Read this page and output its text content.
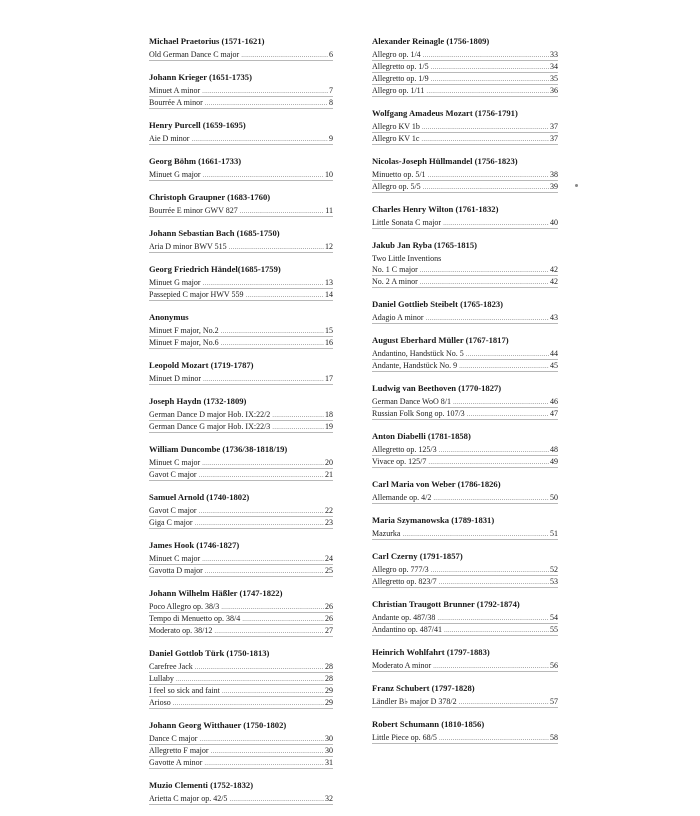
Michael Praetorius (1571-1621)
Old German Dance C major .....	6
Johann Krieger (1651-1735)
Minuet A minor .....	7
Bourrée A minor .....	8
Henry Purcell (1659-1695)
Aie D minor .....	9
Georg Böhm (1661-1733)
Minuet G major .....	10
Christoph Graupner (1683-1760)
Bourrée E minor GWV 827 .....	11
Johann Sebastian Bach (1685-1750)
Aria D minor BWV 515 .....	12
Georg Friedrich Händel(1685-1759)
Minuet G major .....	13
Passepied C major HWV 559 .....	14
Anonymus
Minuet F major, No.2 .....	15
Minuet F major, No.6 .....	16
Leopold Mozart (1719-1787)
Minuet D minor .....	17
Joseph Haydn (1732-1809)
German Dance D major Hob. IX:22/2 .....	18
German Dance G major Hob. IX:22/3 .....	19
William Duncombe (1736/38-1818/19)
Minuet C major .....	20
Gavot C major .....	21
Samuel Arnold (1740-1802)
Gavot C major .....	22
Giga C major .....	23
James Hook (1746-1827)
Minuet C major .....	24
Gavotta D major .....	25
Johann Wilhelm Häßler (1747-1822)
Poco Allegro op. 38/3 .....	26
Tempo di Menuetto op. 38/4 .....	26
Moderato op. 38/12 .....	27
Daniel Gottlob Türk (1750-1813)
Carefree Jack .....	28
Lullaby .....	28
I feel so sick and faint .....	29
Arioso .....	29
Johann Georg Witthauer (1750-1802)
Dance C major .....	30
Allegretto F major .....	30
Gavotte A minor .....	31
Muzio Clementi (1752-1832)
Arietta C major op. 42/5 .....	32
Alexander Reinagle (1756-1809)
Allegro op. 1/4 .....	33
Allegretto op. 1/5 .....	34
Allegretto op. 1/9 .....	35
Allegro op. 1/11 .....	36
Wolfgang Amadeus Mozart (1756-1791)
Allegro KV 1b .....	37
Allegro KV 1c .....	37
Nicolas-Joseph Hüllmandel (1756-1823)
Minuetto op. 5/1 .....	38
Allegro op. 5/5 .....	39
Charles Henry Wilton (1761-1832)
Little Sonata C major .....	40
Jakub Jan Ryba (1765-1815)
Two Little Inventions
No. 1 C major .....	42
No. 2 A minor .....	42
Daniel Gottlieb Steibelt (1765-1823)
Adagio A minor .....	43
August Eberhard Müller (1767-1817)
Andantino, Handstück No. 5 .....	44
Andante, Handstück No. 9 .....	45
Ludwig van Beethoven (1770-1827)
German Dance WoO 8/1 .....	46
Russian Folk Song op. 107/3 .....	47
Anton Diabelli (1781-1858)
Allegretto op. 125/3 .....	48
Vivace op. 125/7 .....	49
Carl Maria von Weber (1786-1826)
Allemande op. 4/2 .....	50
Maria Szymanowska (1789-1831)
Mazurka .....	51
Carl Czerny (1791-1857)
Allegro op. 777/3 .....	52
Allegretto op. 823/7 .....	53
Christian Traugott Brunner (1792-1874)
Andante op. 487/38 .....	54
Andantino op. 487/41 .....	55
Heinrich Wohlfahrt (1797-1883)
Moderato A minor .....	56
Franz Schubert (1797-1828)
Ländler B♭ major D 378/2 .....	57
Robert Schumann (1810-1856)
Little Piece op. 68/5 .....	58
